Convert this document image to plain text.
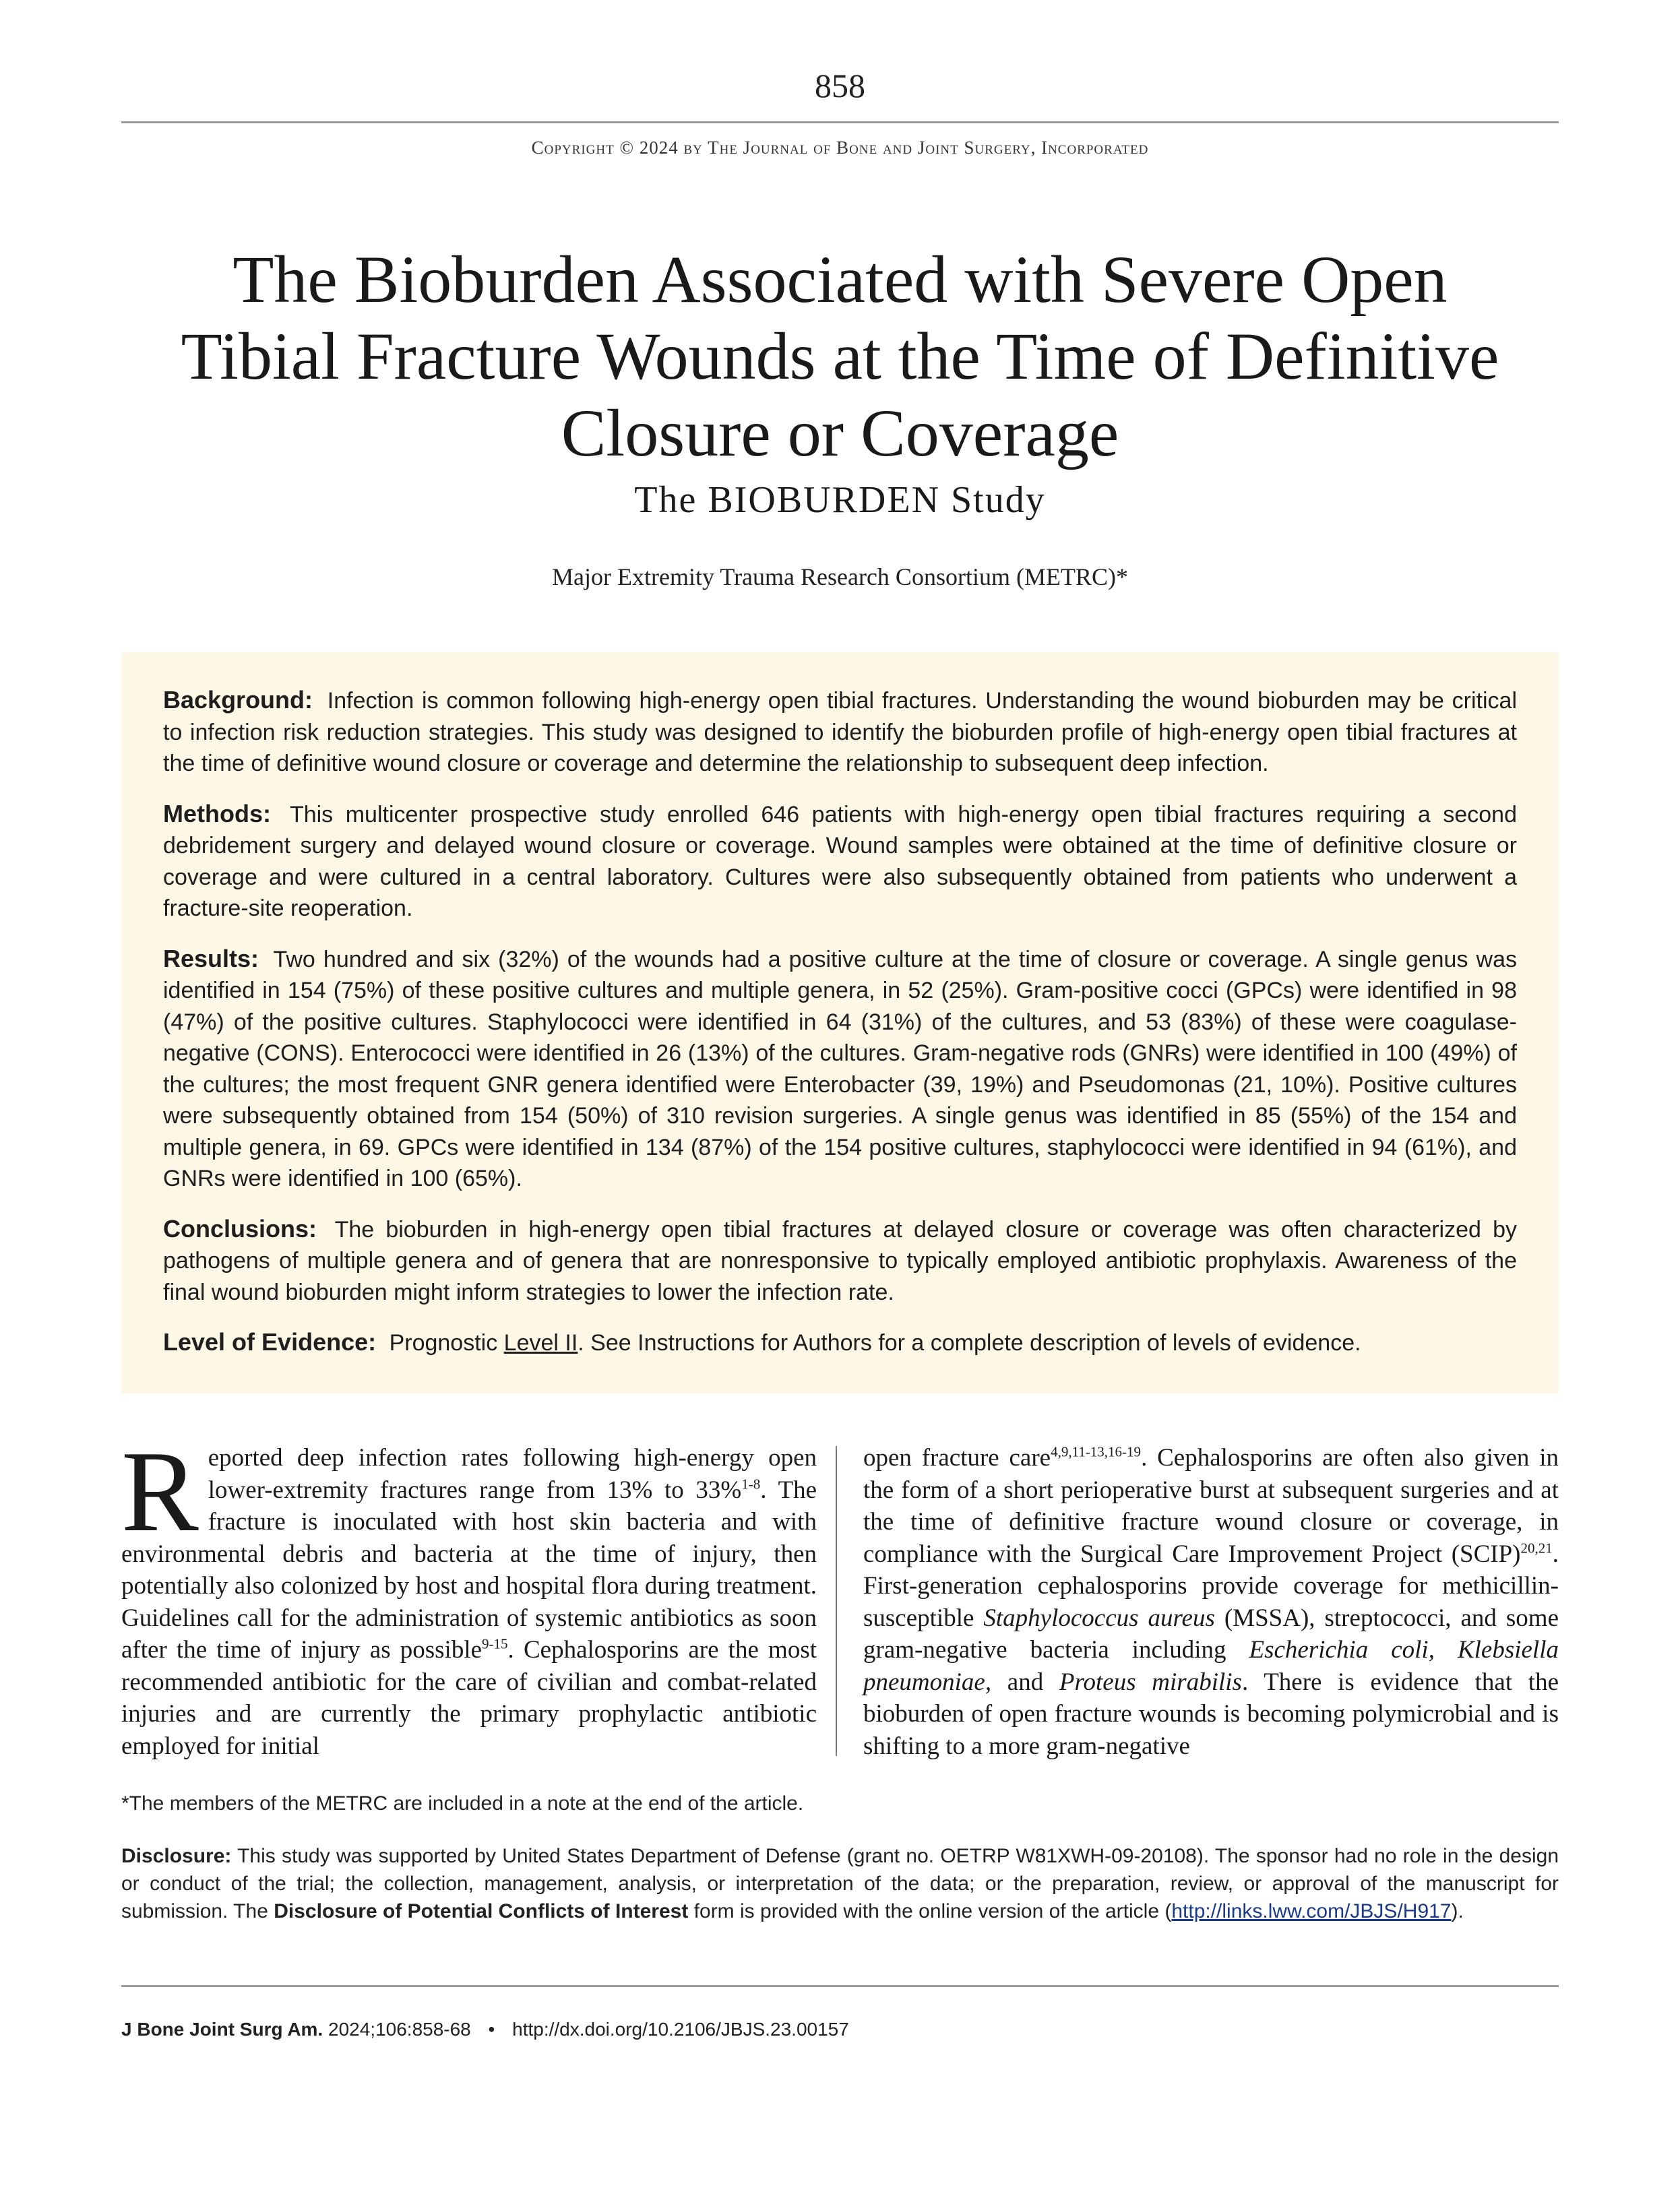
858
Copyright © 2024 by The Journal of Bone and Joint Surgery, Incorporated
The Bioburden Associated with Severe Open
Tibial Fracture Wounds at the Time of Definitive
Closure or Coverage
The BIOBURDEN Study
Major Extremity Trauma Research Consortium (METRC)*

Background: Infection is common following high-energy open tibial fractures. Understanding the wound bioburden may be critical to infection risk reduction strategies. This study was designed to identify the bioburden profile of high-energy open tibial fractures at the time of definitive wound closure or coverage and determine the relationship to subsequent deep infection.

Methods: This multicenter prospective study enrolled 646 patients with high-energy open tibial fractures requiring a second debridement surgery and delayed wound closure or coverage. Wound samples were obtained at the time of definitive closure or coverage and were cultured in a central laboratory. Cultures were also subsequently obtained from patients who underwent a fracture-site reoperation.

Results: Two hundred and six (32%) of the wounds had a positive culture at the time of closure or coverage. A single genus was identified in 154 (75%) of these positive cultures and multiple genera, in 52 (25%). Gram-positive cocci (GPCs) were identified in 98 (47%) of the positive cultures. Staphylococci were identified in 64 (31%) of the cultures, and 53 (83%) of these were coagulase-negative (CONS). Enterococci were identified in 26 (13%) of the cultures. Gram-negative rods (GNRs) were identified in 100 (49%) of the cultures; the most frequent GNR genera identified were Enterobacter (39, 19%) and Pseudomonas (21, 10%). Positive cultures were subsequently obtained from 154 (50%) of 310 revision surgeries. A single genus was identified in 85 (55%) of the 154 and multiple genera, in 69. GPCs were identified in 134 (87%) of the 154 positive cultures, staphylococci were identified in 94 (61%), and GNRs were identified in 100 (65%).

Conclusions: The bioburden in high-energy open tibial fractures at delayed closure or coverage was often characterized by pathogens of multiple genera and of genera that are nonresponsive to typically employed antibiotic prophylaxis. Awareness of the final wound bioburden might inform strategies to lower the infection rate.

Level of Evidence: Prognostic Level II. See Instructions for Authors for a complete description of levels of evidence.

Reported deep infection rates following high-energy open lower-extremity fractures range from 13% to 33%$^{1-8}$. The fracture is inoculated with host skin bacteria and with environmental debris and bacteria at the time of injury, then potentially also colonized by host and hospital flora during treatment. Guidelines call for the administration of systemic antibiotics as soon after the time of injury as possible$^{9-15}$. Cephalosporins are the most recommended antibiotic for the care of civilian and combat-related injuries and are currently the primary prophylactic antibiotic employed for initial

open fracture care$^{4,9,11-13,16-19}$. Cephalosporins are often also given in the form of a short perioperative burst at subsequent surgeries and at the time of definitive fracture wound closure or coverage, in compliance with the Surgical Care Improvement Project (SCIP)$^{20,21}$. First-generation cephalosporins provide coverage for methicillin-susceptible Staphylococcus aureus (MSSA), streptococci, and some gram-negative bacteria including Escherichia coli, Klebsiella pneumoniae, and Proteus mirabilis. There is evidence that the bioburden of open fracture wounds is becoming polymicrobial and is shifting to a more gram-negative

*The members of the METRC are included in a note at the end of the article.

Disclosure: This study was supported by United States Department of Defense (grant no. OETRP W81XWH-09-20108). The sponsor had no role in the design or conduct of the trial; the collection, management, analysis, or interpretation of the data; or the preparation, review, or approval of the manuscript for submission. The Disclosure of Potential Conflicts of Interest form is provided with the online version of the article (http://links.lww.com/JBJS/H917).

J Bone Joint Surg Am. 2024;106:858-68 • http://dx.doi.org/10.2106/JBJS.23.00157
